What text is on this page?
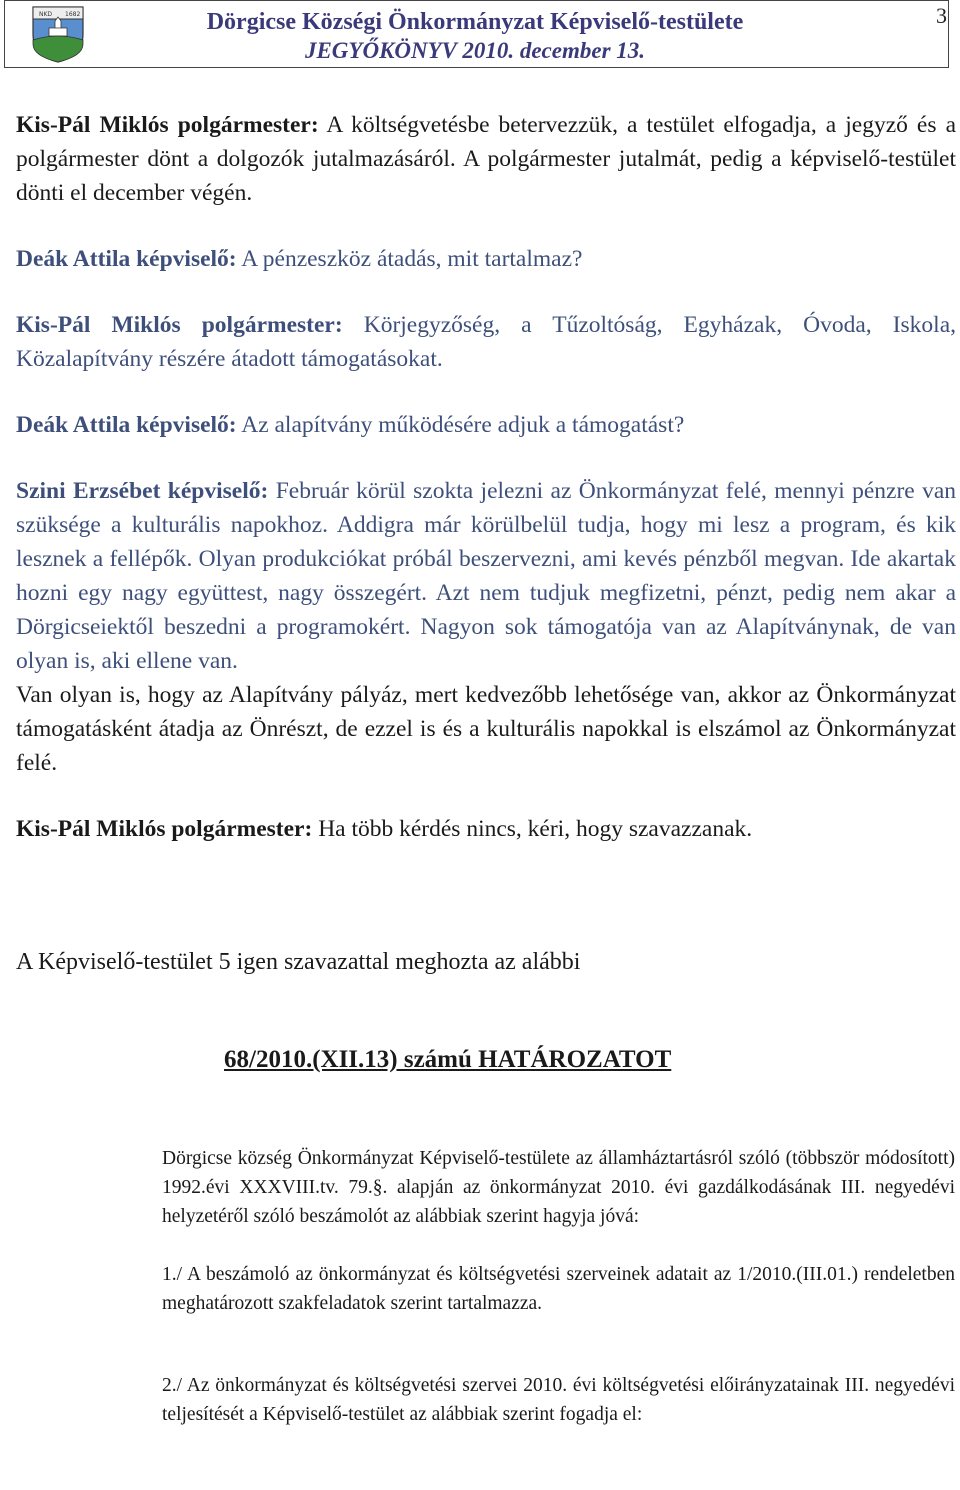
NKD 1682	Dörgicse Községi Önkormányzat Képviselő-testülete
JEGYŐKÖNYV 2010. december 13.
3

Kis-Pál Miklós polgármester: A költségvetésbe betervezzük, a testület elfogadja, a jegyző és a polgármester dönt a dolgozók jutalmazásáról. A polgármester jutalmát, pedig a képviselő-testület dönti el december végén.

Deák Attila képviselő: A pénzeszköz átadás, mit tartalmaz?

Kis-Pál Miklós polgármester: Körjegyzőség, a Tűzoltóság, Egyházak, Óvoda, Iskola, Közalapítvány részére átadott támogatásokat.

Deák Attila képviselő: Az alapítvány működésére adjuk a támogatást?

Szini Erzsébet képviselő: Február körül szokta jelezni az Önkormányzat felé, mennyi pénzre van szüksége a kulturális napokhoz. Addigra már körülbelül tudja, hogy mi lesz a program, és kik lesznek a fellépők. Olyan produkciókat próbál beszervezni, ami kevés pénzből megvan. Ide akartak hozni egy nagy együttest, nagy összegért. Azt nem tudjuk megfizetni, pénzt, pedig nem akar a Dörgicseiektől beszedni a programokért. Nagyon sok támogatója van az Alapítványnak, de van olyan is, aki ellene van.

Van olyan is, hogy az Alapítvány pályáz, mert kedvezőbb lehetősége van, akkor az Önkormányzat támogatásként átadja az Önrészt, de ezzel is és a kulturális napokkal is elszámol az Önkormányzat felé.

Kis-Pál Miklós polgármester: Ha több kérdés nincs, kéri, hogy szavazzanak.

A Képviselő-testület 5 igen szavazattal meghozta az alábbi
68/2010.(XII.13) számú HATÁROZATOT

Dörgicse község Önkormányzat Képviselő-testülete az államháztartásról szóló (többször módosított) 1992.évi XXXVIII.tv. 79.§. alapján az önkormányzat 2010. évi gazdálkodásának III. negyedévi helyzetéről szóló beszámolót az alábbiak szerint hagyja jóvá:

1./ A beszámoló az önkormányzat és költségvetési szerveinek adatait az 1/2010.(III.01.) rendeletben meghatározott szakfeladatok szerint tartalmazza.

2./ Az önkormányzat és költségvetési szervei 2010. évi költségvetési előirányzatainak III. negyedévi teljesítését a Képviselő-testület az alábbiak szerint fogadja el:
